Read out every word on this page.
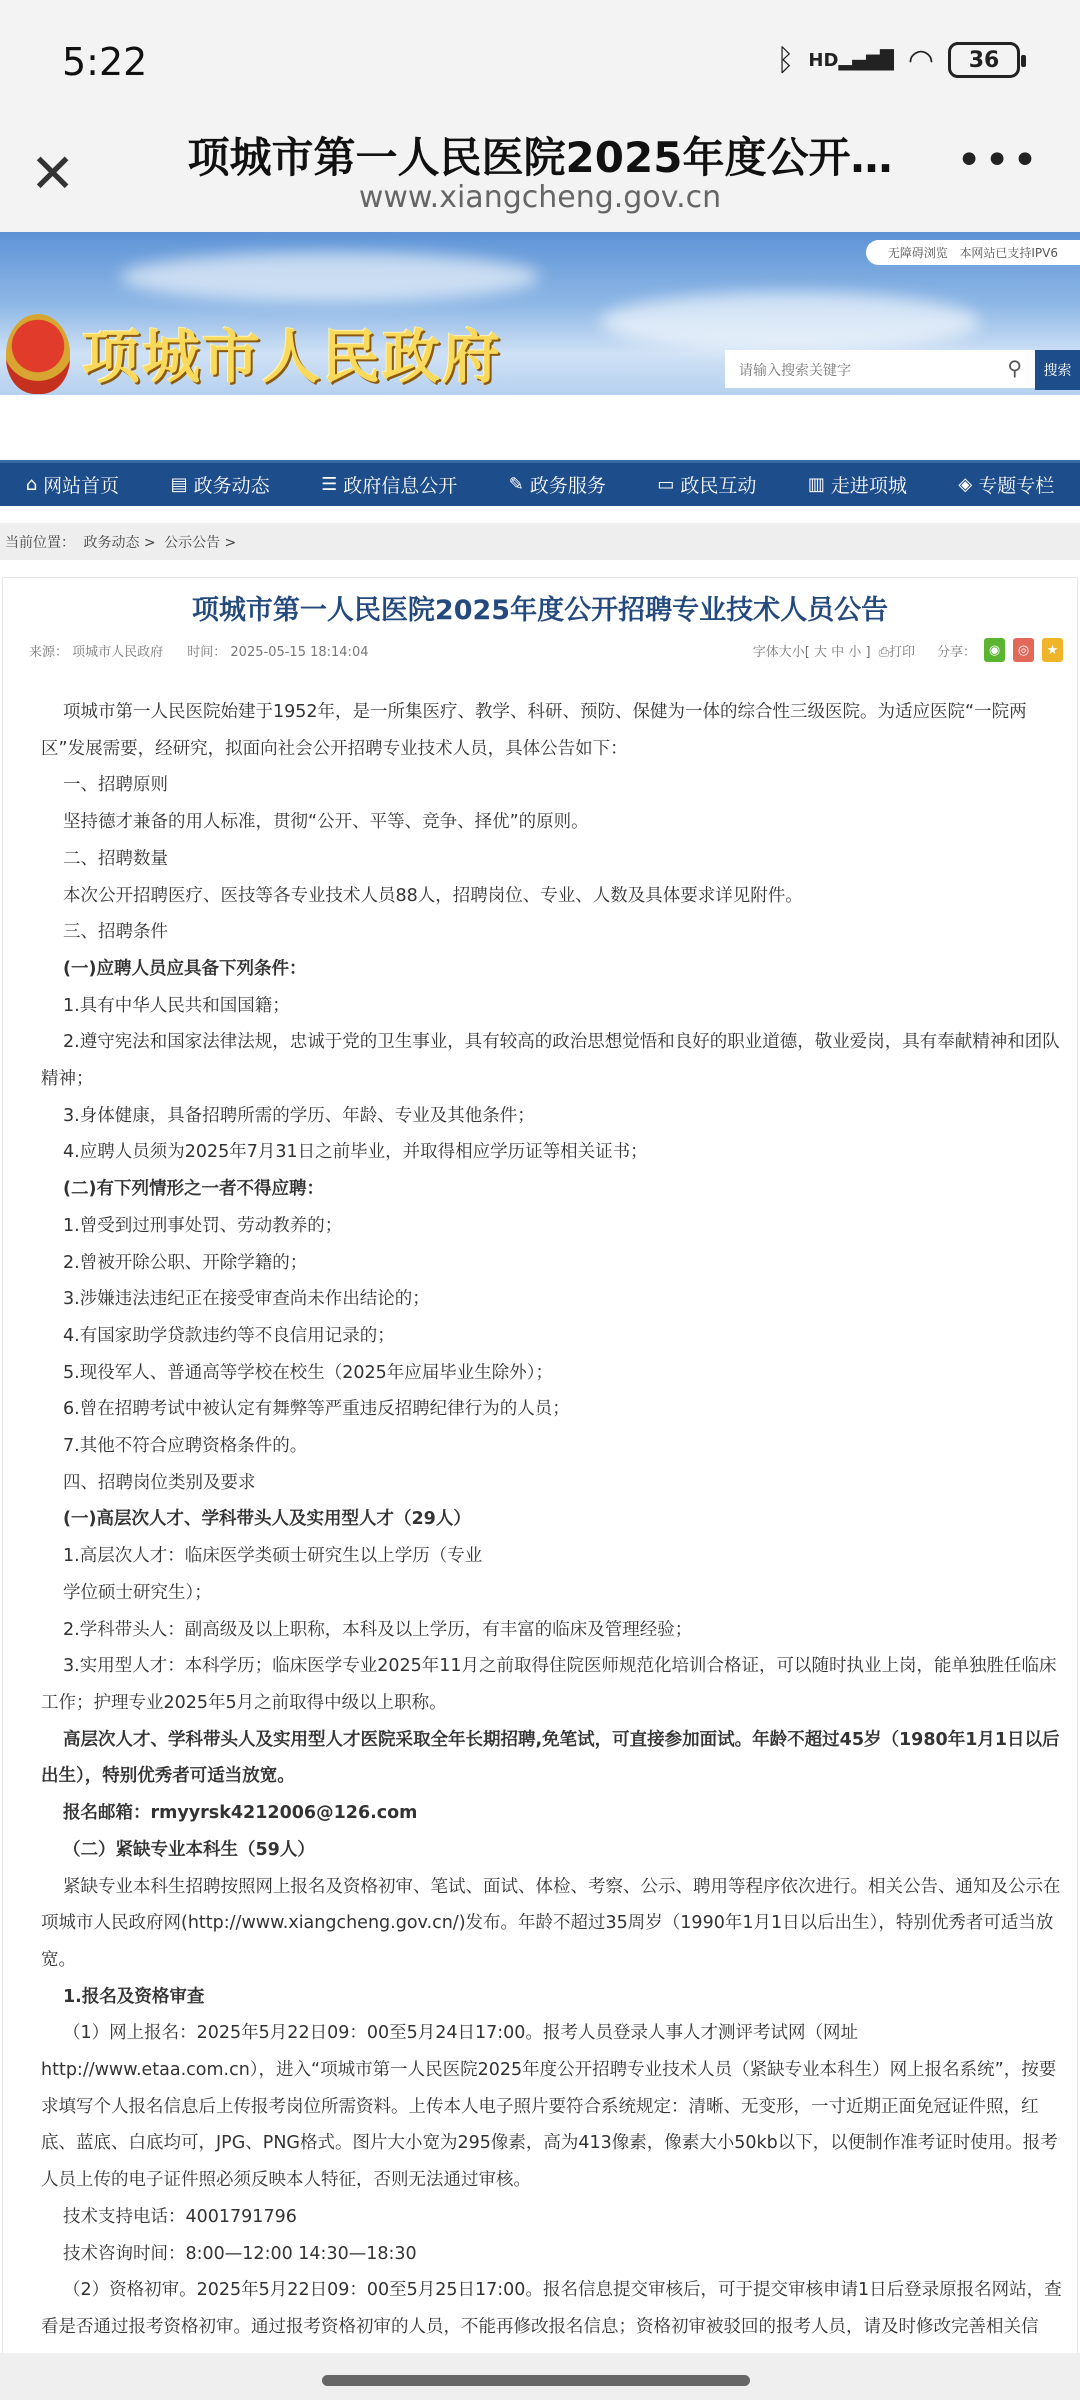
5:22	ᛒ HD▂▄▆█ ◠	36
✕	项城市第一人民医院2025年度公开…
www.xiangcheng.gov.cn
•••
无障碍浏览 本网站已支持IPV6
项城市人民政府	请输入搜索关键字	⚲	搜索
⌂ 网站首页	▤ 政务动态	☰ 政府信息公开	✎ 政务服务	▭ 政民互动	▥ 走进项城	◈ 专题专栏
当前位置： 政务动态 > 公示公告 >
项城市第一人民医院2025年度公开招聘专业技术人员公告
来源： 项城市人民政府 时间： 2025-05-15 18:14:04	字体大小[ 大 中 小 ] ⎙打印 分享： ◉	◎	★

项城市第一人民医院始建于1952年，是一所集医疗、教学、科研、预防、保健为一体的综合性三级医院。为适应医院“一院两区”发展需要，经研究，拟面向社会公开招聘专业技术人员，具体公告如下：

一、招聘原则

坚持德才兼备的用人标准，贯彻“公开、平等、竞争、择优”的原则。

二、招聘数量

本次公开招聘医疗、医技等各专业技术人员88人，招聘岗位、专业、人数及具体要求详见附件。

三、招聘条件

(一)应聘人员应具备下列条件：

1.具有中华人民共和国国籍；

2.遵守宪法和国家法律法规，忠诚于党的卫生事业，具有较高的政治思想觉悟和良好的职业道德，敬业爱岗，具有奉献精神和团队精神；

3.身体健康，具备招聘所需的学历、年龄、专业及其他条件；

4.应聘人员须为2025年7月31日之前毕业，并取得相应学历证等相关证书；

(二)有下列情形之一者不得应聘：

1.曾受到过刑事处罚、劳动教养的；

2.曾被开除公职、开除学籍的；

3.涉嫌违法违纪正在接受审查尚未作出结论的；

4.有国家助学贷款违约等不良信用记录的；

5.现役军人、普通高等学校在校生（2025年应届毕业生除外）；

6.曾在招聘考试中被认定有舞弊等严重违反招聘纪律行为的人员；

7.其他不符合应聘资格条件的。

四、招聘岗位类别及要求

(一)高层次人才、学科带头人及实用型人才（29人）

1.高层次人才：临床医学类硕士研究生以上学历（专业

学位硕士研究生）；

2.学科带头人：副高级及以上职称，本科及以上学历，有丰富的临床及管理经验；

3.实用型人才：本科学历；临床医学专业2025年11月之前取得住院医师规范化培训合格证，可以随时执业上岗，能单独胜任临床工作；护理专业2025年5月之前取得中级以上职称。

高层次人才、学科带头人及实用型人才医院采取全年长期招聘,免笔试，可直接参加面试。年龄不超过45岁（1980年1月1日以后出生），特别优秀者可适当放宽。

报名邮箱：rmyyrsk4212006@126.com

（二）紧缺专业本科生（59人）

紧缺专业本科生招聘按照网上报名及资格初审、笔试、面试、体检、考察、公示、聘用等程序依次进行。相关公告、通知及公示在项城市人民政府网(http://www.xiangcheng.gov.cn/)发布。年龄不超过35周岁（1990年1月1日以后出生），特别优秀者可适当放宽。

1.报名及资格审查

（1）网上报名：2025年5月22日09：00至5月24日17:00。报考人员登录人事人才测评考试网（网址http://www.etaa.com.cn），进入“项城市第一人民医院2025年度公开招聘专业技术人员（紧缺专业本科生）网上报名系统”，按要求填写个人报名信息后上传报考岗位所需资料。上传本人电子照片要符合系统规定：清晰、无变形，一寸近期正面免冠证件照，红底、蓝底、白底均可，JPG、PNG格式。图片大小宽为295像素，高为413像素，像素大小50kb以下，以便制作准考证时使用。报考人员上传的电子证件照必须反映本人特征，否则无法通过审核。

技术支持电话：4001791796

技术咨询时间：8:00—12:00 14:30—18:30

（2）资格初审。2025年5月22日09：00至5月25日17:00。报名信息提交审核后，可于提交审核申请1日后登录原报名网站，查看是否通过报考资格初审。通过报考资格初审的人员，不能再修改报名信息；资格初审被驳回的报考人员，请及时修改完善相关信
